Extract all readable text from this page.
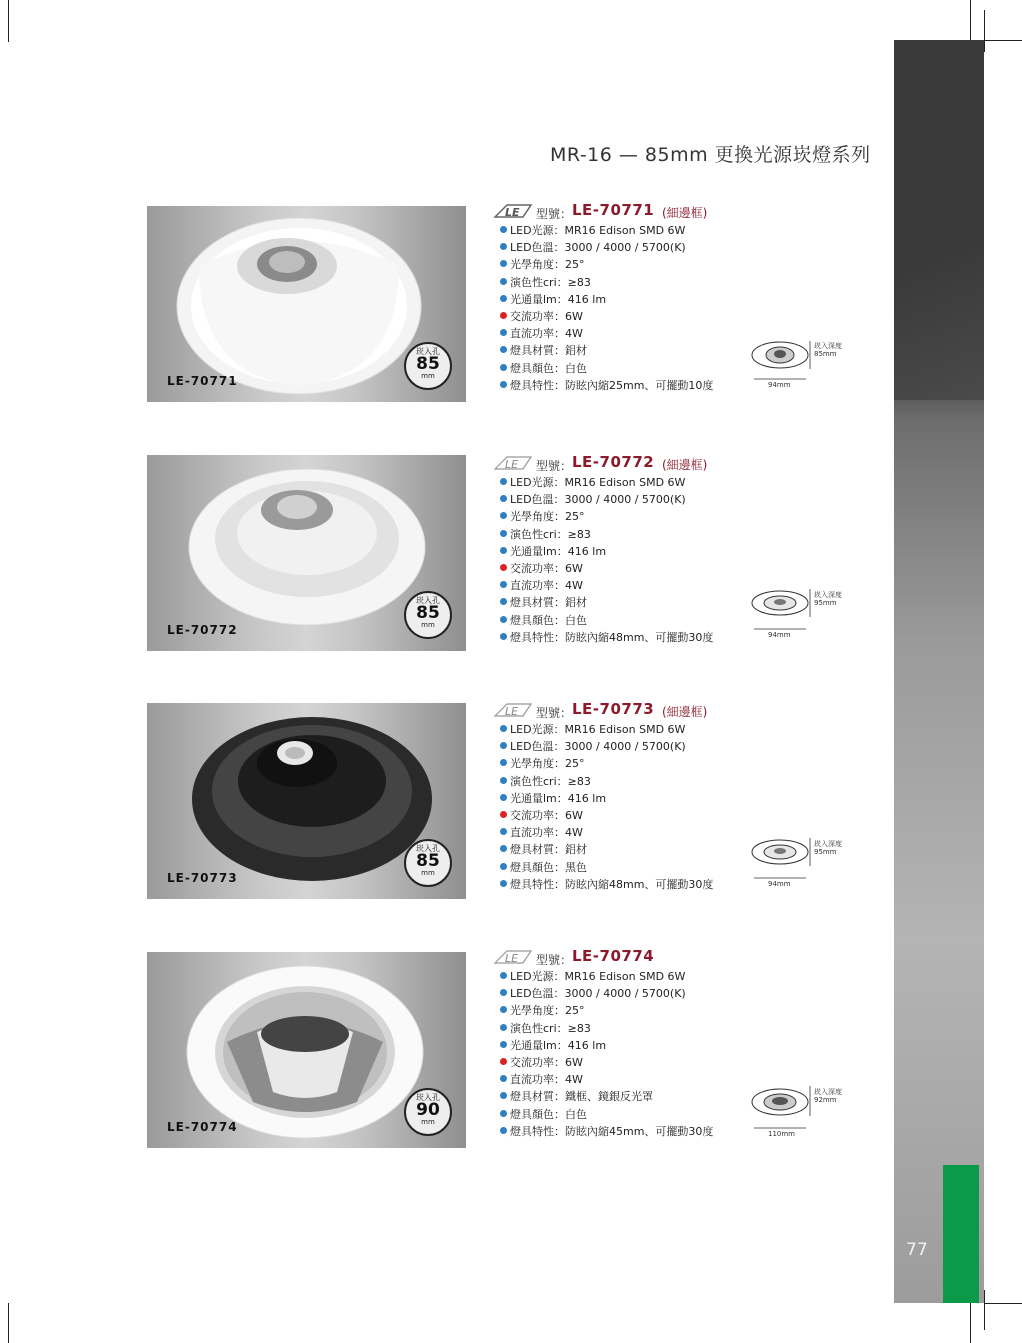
77
MR-16 — 85mm 更換光源崁燈系列
LE-70771
崁入孔
85
mm
LE 型號： LE-70771 (細邊框)
LED光源：MR16 Edison SMD 6W
LED色溫：3000 / 4000 / 5700(K)
光學角度：25°
演色性cri：≥83
光通量lm：416 lm
交流功率：6W
直流功率：4W
燈具材質：鋁材
燈具顏色：白色
燈具特性：防眩內縮25mm、可擺動10度	94mm
崁入深度 85mm
LE-70772
崁入孔
85
mm
LE 型號： LE-70772 (細邊框)
LED光源：MR16 Edison SMD 6W
LED色溫：3000 / 4000 / 5700(K)
光學角度：25°
演色性cri：≥83
光通量lm：416 lm
交流功率：6W
直流功率：4W
燈具材質：鋁材
燈具顏色：白色
燈具特性：防眩內縮48mm、可擺動30度	94mm
崁入深度 95mm
LE-70773
崁入孔
85
mm
LE 型號： LE-70773 (細邊框)
LED光源：MR16 Edison SMD 6W
LED色溫：3000 / 4000 / 5700(K)
光學角度：25°
演色性cri：≥83
光通量lm：416 lm
交流功率：6W
直流功率：4W
燈具材質：鋁材
燈具顏色：黑色
燈具特性：防眩內縮48mm、可擺動30度	94mm
崁入深度 95mm
LE-70774
崁入孔
90
mm
LE 型號： LE-70774
LED光源：MR16 Edison SMD 6W
LED色溫：3000 / 4000 / 5700(K)
光學角度：25°
演色性cri：≥83
光通量lm：416 lm
交流功率：6W
直流功率：4W
燈具材質：鐵框、鏡銀反光罩
燈具顏色：白色
燈具特性：防眩內縮45mm、可擺動30度	110mm
崁入深度 92mm
